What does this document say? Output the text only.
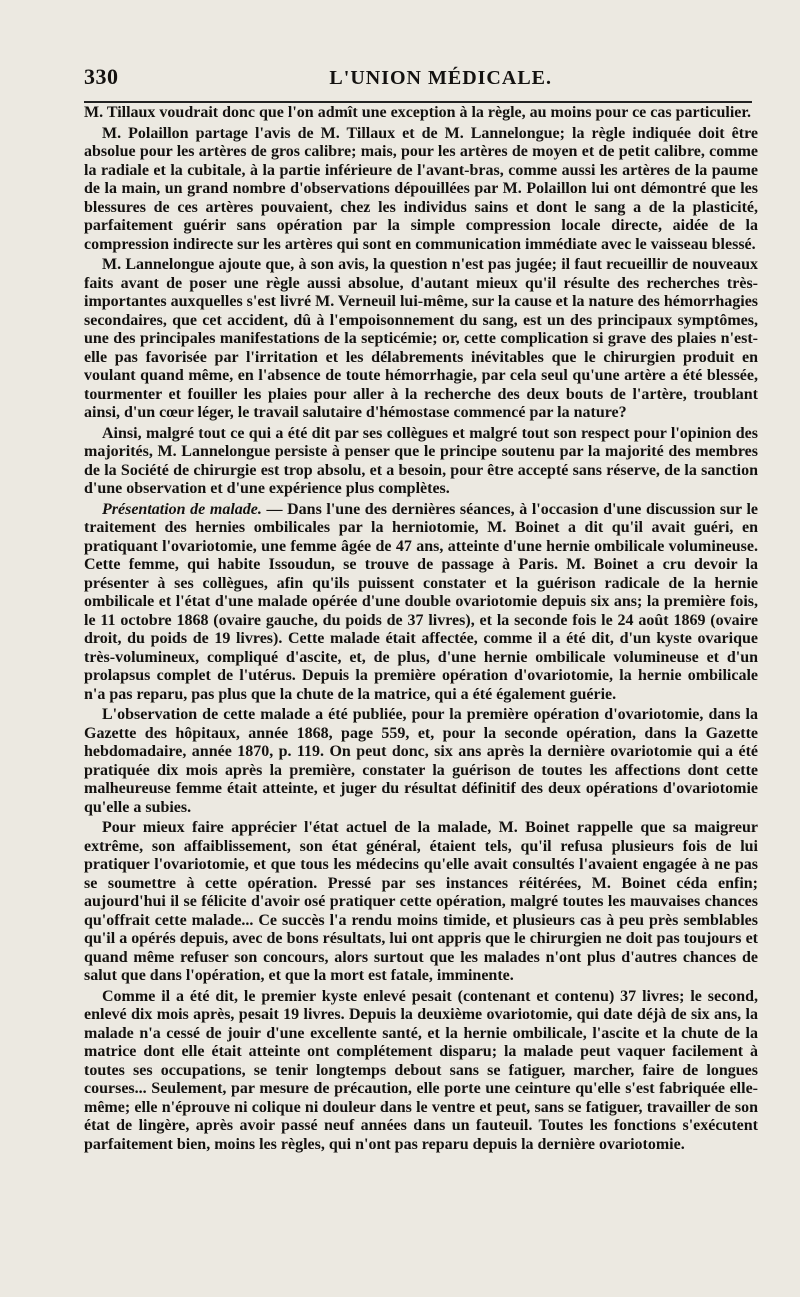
330	L'UNION MÉDICALE.

M. Tillaux voudrait donc que l'on admît une exception à la règle, au moins pour ce cas particulier.

M. Polaillon partage l'avis de M. Tillaux et de M. Lannelongue; la règle indiquée doit être absolue pour les artères de gros calibre; mais, pour les artères de moyen et de petit calibre, comme la radiale et la cubitale, à la partie inférieure de l'avant-bras, comme aussi les artères de la paume de la main, un grand nombre d'observations dépouillées par M. Polaillon lui ont démontré que les blessures de ces artères pouvaient, chez les individus sains et dont le sang a de la plasticité, parfaitement guérir sans opération par la simple compression locale directe, aidée de la compression indirecte sur les artères qui sont en communication immédiate avec le vaisseau blessé.

M. Lannelongue ajoute que, à son avis, la question n'est pas jugée; il faut recueillir de nouveaux faits avant de poser une règle aussi absolue, d'autant mieux qu'il résulte des recherches très-importantes auxquelles s'est livré M. Verneuil lui-même, sur la cause et la nature des hémorrhagies secondaires, que cet accident, dû à l'empoisonnement du sang, est un des principaux symptômes, une des principales manifestations de la septicémie; or, cette complication si grave des plaies n'est-elle pas favorisée par l'irritation et les délabrements inévitables que le chirurgien produit en voulant quand même, en l'absence de toute hémorrhagie, par cela seul qu'une artère a été blessée, tourmenter et fouiller les plaies pour aller à la recherche des deux bouts de l'artère, troublant ainsi, d'un cœur léger, le travail salutaire d'hémostase commencé par la nature?

Ainsi, malgré tout ce qui a été dit par ses collègues et malgré tout son respect pour l'opinion des majorités, M. Lannelongue persiste à penser que le principe soutenu par la majorité des membres de la Société de chirurgie est trop absolu, et a besoin, pour être accepté sans réserve, de la sanction d'une observation et d'une expérience plus complètes.

Présentation de malade. — Dans l'une des dernières séances, à l'occasion d'une discussion sur le traitement des hernies ombilicales par la herniotomie, M. Boinet a dit qu'il avait guéri, en pratiquant l'ovariotomie, une femme âgée de 47 ans, atteinte d'une hernie ombilicale volumineuse. Cette femme, qui habite Issoudun, se trouve de passage à Paris. M. Boinet a cru devoir la présenter à ses collègues, afin qu'ils puissent constater et la guérison radicale de la hernie ombilicale et l'état d'une malade opérée d'une double ovariotomie depuis six ans; la première fois, le 11 octobre 1868 (ovaire gauche, du poids de 37 livres), et la seconde fois le 24 août 1869 (ovaire droit, du poids de 19 livres). Cette malade était affectée, comme il a été dit, d'un kyste ovarique très-volumineux, compliqué d'ascite, et, de plus, d'une hernie ombilicale volumineuse et d'un prolapsus complet de l'utérus. Depuis la première opération d'ovariotomie, la hernie ombilicale n'a pas reparu, pas plus que la chute de la matrice, qui a été également guérie.

L'observation de cette malade a été publiée, pour la première opération d'ovariotomie, dans la Gazette des hôpitaux, année 1868, page 559, et, pour la seconde opération, dans la Gazette hebdomadaire, année 1870, p. 119. On peut donc, six ans après la dernière ovariotomie qui a été pratiquée dix mois après la première, constater la guérison de toutes les affections dont cette malheureuse femme était atteinte, et juger du résultat définitif des deux opérations d'ovariotomie qu'elle a subies.

Pour mieux faire apprécier l'état actuel de la malade, M. Boinet rappelle que sa maigreur extrême, son affaiblissement, son état général, étaient tels, qu'il refusa plusieurs fois de lui pratiquer l'ovariotomie, et que tous les médecins qu'elle avait consultés l'avaient engagée à ne pas se soumettre à cette opération. Pressé par ses instances réitérées, M. Boinet céda enfin; aujourd'hui il se félicite d'avoir osé pratiquer cette opération, malgré toutes les mauvaises chances qu'offrait cette malade... Ce succès l'a rendu moins timide, et plusieurs cas à peu près semblables qu'il a opérés depuis, avec de bons résultats, lui ont appris que le chirurgien ne doit pas toujours et quand même refuser son concours, alors surtout que les malades n'ont plus d'autres chances de salut que dans l'opération, et que la mort est fatale, imminente.

Comme il a été dit, le premier kyste enlevé pesait (contenant et contenu) 37 livres; le second, enlevé dix mois après, pesait 19 livres. Depuis la deuxième ovariotomie, qui date déjà de six ans, la malade n'a cessé de jouir d'une excellente santé, et la hernie ombilicale, l'ascite et la chute de la matrice dont elle était atteinte ont complétement disparu; la malade peut vaquer facilement à toutes ses occupations, se tenir longtemps debout sans se fatiguer, marcher, faire de longues courses... Seulement, par mesure de précaution, elle porte une ceinture qu'elle s'est fabriquée elle-même; elle n'éprouve ni colique ni douleur dans le ventre et peut, sans se fatiguer, travailler de son état de lingère, après avoir passé neuf années dans un fauteuil. Toutes les fonctions s'exécutent parfaitement bien, moins les règles, qui n'ont pas reparu depuis la dernière ovariotomie.
